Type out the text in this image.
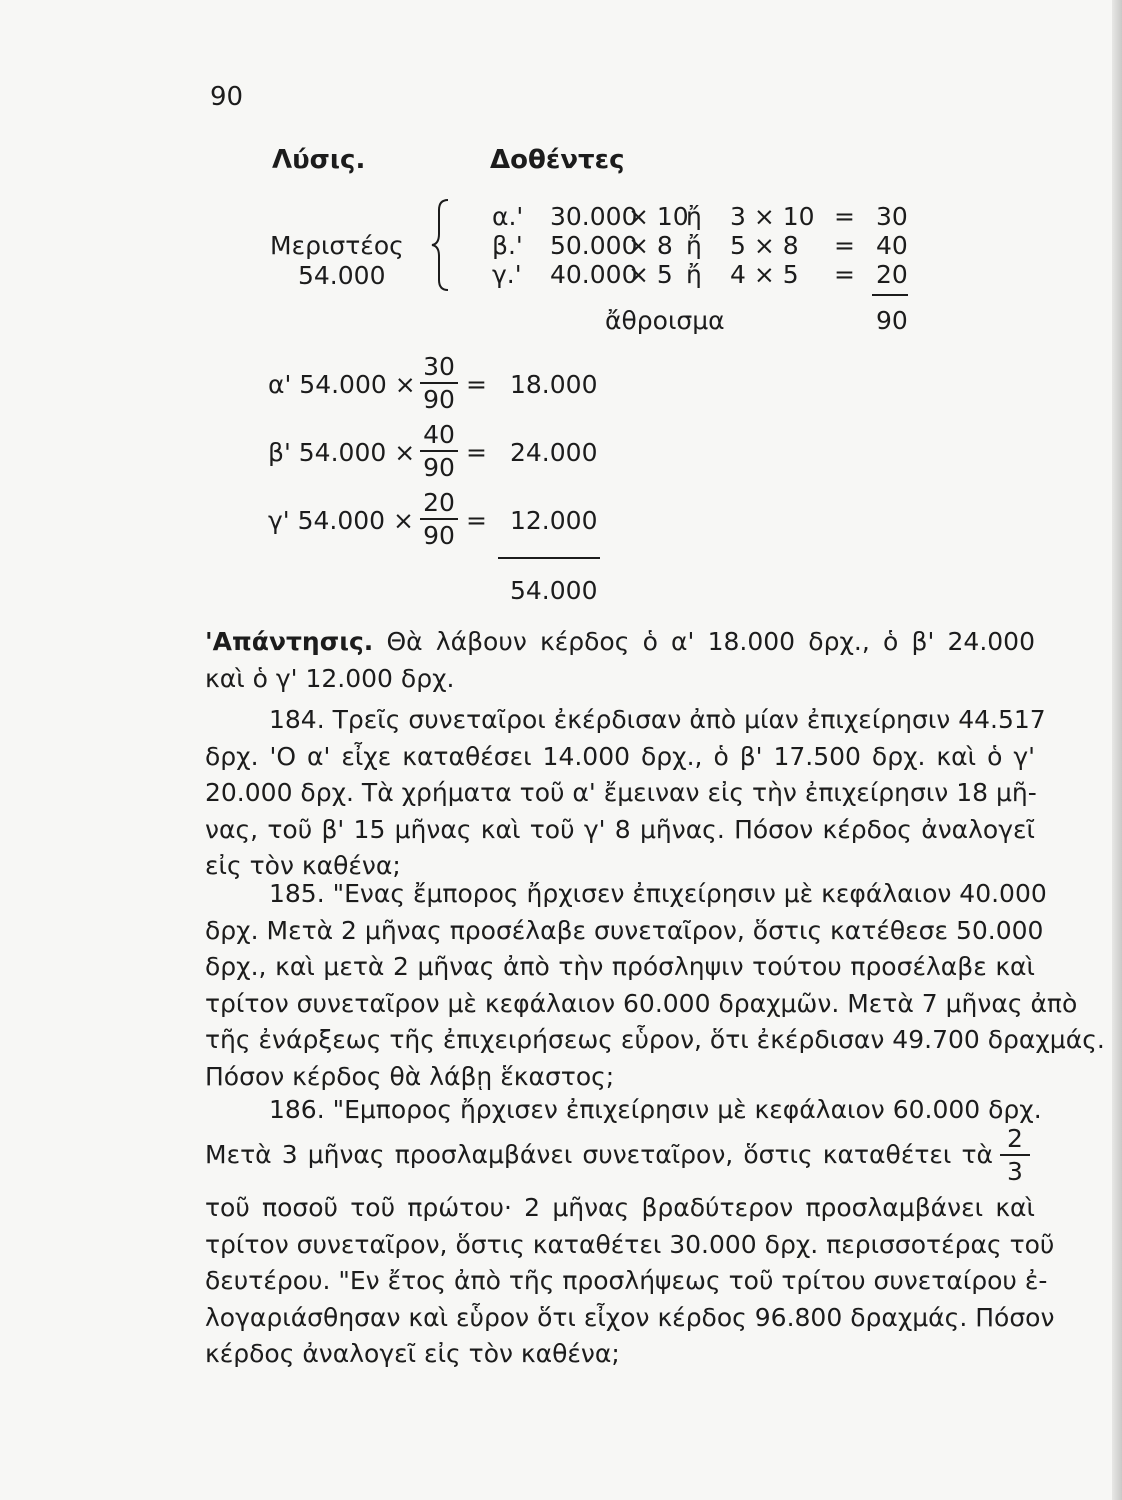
90
Λύσις.	Δοθέντες
Μεριστέος
54.000
α.' 30.000
× 10
ἤ 3 × 10 = 30
β.' 50.000
× 8 ἤ 5 × 8 = 40
γ.' 40.000
× 5 ἤ 4 × 5 = 20
ἄθροισμα	90
α' 54.000 ×
30
90
= 18.000
β' 54.000 ×
40
90
= 24.000
γ' 54.000 ×
20
90
= 12.000
54.000
'Απάντησις. Θὰ λάβουν κέρδος ὁ α' 18.000 δρχ., ὁ β' 24.000
καὶ ὁ γ' 12.000 δρχ.
184. Τρεῖς συνεταῖροι ἐκέρδισαν ἀπὸ μίαν ἐπιχείρησιν 44.517
δρχ. 'Ο α' εἶχε καταθέσει 14.000 δρχ., ὁ β' 17.500 δρχ. καὶ ὁ γ'
20.000 δρχ. Τὰ χρήματα τοῦ α' ἔμειναν εἰς τὴν ἐπιχείρησιν 18 μῆ-
νας, τοῦ β' 15 μῆνας καὶ τοῦ γ' 8 μῆνας. Πόσον κέρδος ἀναλογεῖ
εἰς τὸν καθένα;
185. "Ενας ἔμπορος ἤρχισεν ἐπιχείρησιν μὲ κεφάλαιον 40.000
δρχ. Μετὰ 2 μῆνας προσέλαβε συνεταῖρον, ὅστις κατέθεσε 50.000
δρχ., καὶ μετὰ 2 μῆνας ἀπὸ τὴν πρόσληψιν τούτου προσέλαβε καὶ
τρίτον συνεταῖρον μὲ κεφάλαιον 60.000 δραχμῶν. Μετὰ 7 μῆνας ἀπὸ
τῆς ἐνάρξεως τῆς ἐπιχειρήσεως εὗρον, ὅτι ἐκέρδισαν 49.700 δραχμάς.
Πόσον κέρδος θὰ λάβῃ ἕκαστος;
186. "Εμπορος ἤρχισεν ἐπιχείρησιν μὲ κεφάλαιον 60.000 δρχ.
Μετὰ 3 μῆνας προσλαμβάνει συνεταῖρον, ὅστις καταθέτει τὰ
2
3
τοῦ ποσοῦ τοῦ πρώτου· 2 μῆνας βραδύτερον προσλαμβάνει καὶ
τρίτον συνεταῖρον, ὅστις καταθέτει 30.000 δρχ. περισσοτέρας τοῦ
δευτέρου. "Εν ἔτος ἀπὸ τῆς προσλήψεως τοῦ τρίτου συνεταίρου ἐ-
λογαριάσθησαν καὶ εὗρον ὅτι εἶχον κέρδος 96.800 δραχμάς. Πόσον
κέρδος ἀναλογεῖ εἰς τὸν καθένα;
